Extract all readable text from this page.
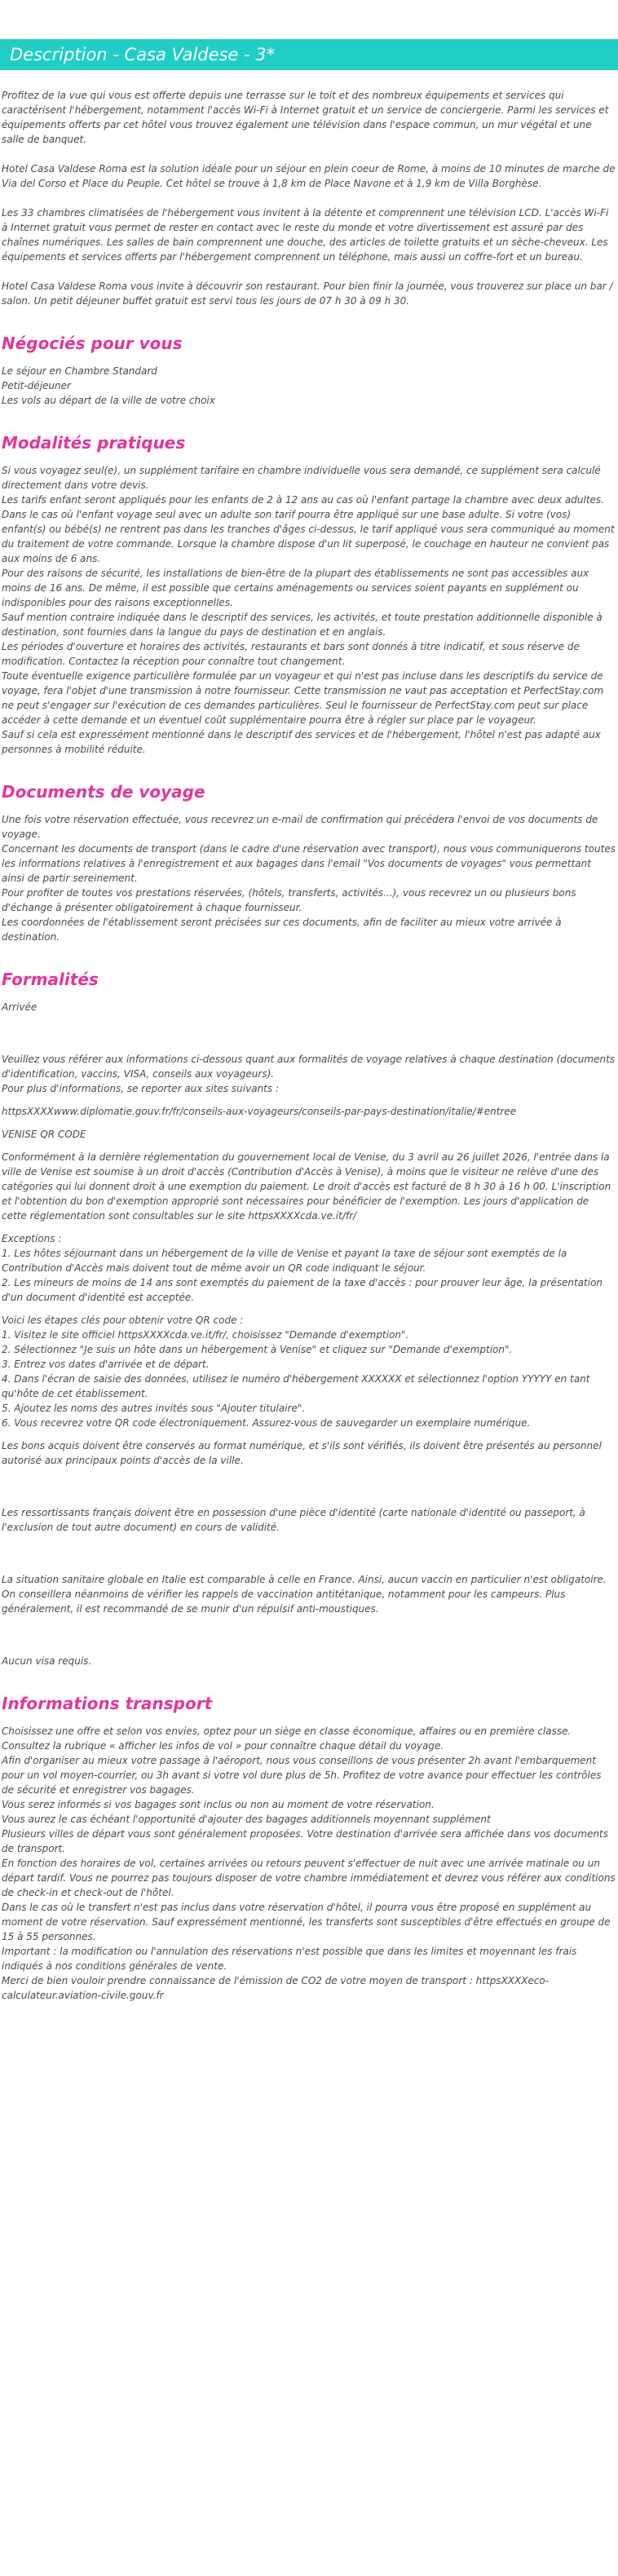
Description - Casa Valdese - 3*

Profitez de la vue qui vous est offerte depuis une terrasse sur le toit et des nombreux équipements et services qui caractérisent l'hébergement, notamment l'accès Wi-Fi à Internet gratuit et un service de conciergerie. Parmi les services et équipements offerts par cet hôtel vous trouvez également une télévision dans l'espace commun, un mur végétal et une salle de banquet.

Hotel Casa Valdese Roma est la solution idéale pour un séjour en plein coeur de Rome, à moins de 10 minutes de marche de Via del Corso et Place du Peuple. Cet hôtel se trouve à 1,8 km de Place Navone et à 1,9 km de Villa Borghèse.

Les 33 chambres climatisées de l'hébergement vous invitent à la détente et comprennent une télévision LCD. L'accès Wi-Fi à Internet gratuit vous permet de rester en contact avec le reste du monde et votre divertissement est assuré par des chaînes numériques. Les salles de bain comprennent une douche, des articles de toilette gratuits et un sèche-cheveux. Les équipements et services offerts par l'hébergement comprennent un téléphone, mais aussi un coffre-fort et un bureau.

Hotel Casa Valdese Roma vous invite à découvrir son restaurant. Pour bien finir la journée, vous trouverez sur place un bar / salon. Un petit déjeuner buffet gratuit est servi tous les jours de 07 h 30 à 09 h 30.

Négociés pour vous

Le séjour en Chambre Standard
Petit-déjeuner
Les vols au départ de la ville de votre choix

Modalités pratiques

Si vous voyagez seul(e), un supplément tarifaire en chambre individuelle vous sera demandé, ce supplément sera calculé directement dans votre devis.
Les tarifs enfant seront appliqués pour les enfants de 2 à 12 ans au cas où l'enfant partage la chambre avec deux adultes. Dans le cas où l'enfant voyage seul avec un adulte son tarif pourra être appliqué sur une base adulte. Si votre (vos) enfant(s) ou bébé(s) ne rentrent pas dans les tranches d'âges ci-dessus, le tarif appliqué vous sera communiqué au moment du traitement de votre commande. Lorsque la chambre dispose d'un lit superposé, le couchage en hauteur ne convient pas aux moins de 6 ans.
Pour des raisons de sécurité, les installations de bien-être de la plupart des établissements ne sont pas accessibles aux moins de 16 ans. De même, il est possible que certains aménagements ou services soient payants en supplément ou indisponibles pour des raisons exceptionnelles.
Sauf mention contraire indiquée dans le descriptif des services, les activités, et toute prestation additionnelle disponible à destination, sont fournies dans la langue du pays de destination et en anglais.
Les périodes d'ouverture et horaires des activités, restaurants et bars sont donnés à titre indicatif, et sous réserve de modification. Contactez la réception pour connaître tout changement.
Toute éventuelle exigence particulière formulée par un voyageur et qui n'est pas incluse dans les descriptifs du service de voyage, fera l'objet d'une transmission à notre fournisseur. Cette transmission ne vaut pas acceptation et PerfectStay.com ne peut s'engager sur l'exécution de ces demandes particulières. Seul le fournisseur de PerfectStay.com peut sur place accéder à cette demande et un éventuel coût supplémentaire pourra être à régler sur place par le voyageur.
Sauf si cela est expressément mentionné dans le descriptif des services et de l'hébergement, l'hôtel n'est pas adapté aux personnes à mobilité réduite.

Documents de voyage

Une fois votre réservation effectuée, vous recevrez un e-mail de confirmation qui précédera l'envoi de vos documents de voyage.
Concernant les documents de transport (dans le cadre d'une réservation avec transport), nous vous communiquerons toutes les informations relatives à l'enregistrement et aux bagages dans l'email "Vos documents de voyages" vous permettant ainsi de partir sereinement.
Pour profiter de toutes vos prestations réservées, (hôtels, transferts, activités...), vous recevrez un ou plusieurs bons d'échange à présenter obligatoirement à chaque fournisseur.
Les coordonnées de l'établissement seront précisées sur ces documents, afin de faciliter au mieux votre arrivée à destination.

Formalités

Arrivée

Veuillez vous référer aux informations ci-dessous quant aux formalités de voyage relatives à chaque destination (documents d'identification, vaccins, VISA, conseils aux voyageurs).
Pour plus d'informations, se reporter aux sites suivants :

httpsXXXXwww.diplomatie.gouv.fr/fr/conseils-aux-voyageurs/conseils-par-pays-destination/italie/#entree

VENISE QR CODE

Conformément à la dernière réglementation du gouvernement local de Venise, du 3 avril au 26 juillet 2026, l'entrée dans la ville de Venise est soumise à un droit d'accès (Contribution d'Accès à Venise), à moins que le visiteur ne relève d'une des catégories qui lui donnent droit à une exemption du paiement. Le droit d'accès est facturé de 8 h 30 à 16 h 00. L'inscription et l'obtention du bon d'exemption approprié sont nécessaires pour bénéficier de l'exemption. Les jours d'application de cette réglementation sont consultables sur le site httpsXXXXcda.ve.it/fr/

Exceptions :
1. Les hôtes séjournant dans un hébergement de la ville de Venise et payant la taxe de séjour sont exemptés de la Contribution d'Accès mais doivent tout de même avoir un QR code indiquant le séjour.
2. Les mineurs de moins de 14 ans sont exemptés du paiement de la taxe d'accès : pour prouver leur âge, la présentation d'un document d'identité est acceptée.

Voici les étapes clés pour obtenir votre QR code :
1. Visitez le site officiel httpsXXXXcda.ve.it/fr/, choisissez "Demande d'exemption".
2. Sélectionnez "Je suis un hôte dans un hébergement à Venise" et cliquez sur "Demande d'exemption".
3. Entrez vos dates d'arrivée et de départ.
4. Dans l'écran de saisie des données, utilisez le numéro d'hébergement XXXXXX et sélectionnez l'option YYYYY en tant qu'hôte de cet établissement.
5. Ajoutez les noms des autres invités sous "Ajouter titulaire".
6. Vous recevrez votre QR code électroniquement. Assurez-vous de sauvegarder un exemplaire numérique.

Les bons acquis doivent être conservés au format numérique, et s'ils sont vérifiés, ils doivent être présentés au personnel autorisé aux principaux points d'accès de la ville.

Les ressortissants français doivent être en possession d'une pièce d'identité (carte nationale d'identité ou passeport, à l'exclusion de tout autre document) en cours de validité.

La situation sanitaire globale en Italie est comparable à celle en France. Ainsi, aucun vaccin en particulier n'est obligatoire. On conseillera néanmoins de vérifier les rappels de vaccination antitétanique, notamment pour les campeurs. Plus généralement, il est recommandé de se munir d'un répulsif anti-moustiques.

Aucun visa requis.

Informations transport

Choisissez une offre et selon vos envies, optez pour un siège en classe économique, affaires ou en première classe.
Consultez la rubrique « afficher les infos de vol » pour connaître chaque détail du voyage.
Afin d'organiser au mieux votre passage à l'aéroport, nous vous conseillons de vous présenter 2h avant l'embarquement pour un vol moyen-courrier, ou 3h avant si votre vol dure plus de 5h. Profitez de votre avance pour effectuer les contrôles de sécurité et enregistrer vos bagages.
Vous serez informés si vos bagages sont inclus ou non au moment de votre réservation.
Vous aurez le cas échéant l'opportunité d'ajouter des bagages additionnels moyennant supplément
Plusieurs villes de départ vous sont généralement proposées. Votre destination d'arrivée sera affichée dans vos documents de transport.
En fonction des horaires de vol, certaines arrivées ou retours peuvent s'effectuer de nuit avec une arrivée matinale ou un départ tardif. Vous ne pourrez pas toujours disposer de votre chambre immédiatement et devrez vous référer aux conditions de check-in et check-out de l'hôtel.
Dans le cas où le transfert n'est pas inclus dans votre réservation d'hôtel, il pourra vous être proposé en supplément au moment de votre réservation. Sauf expressément mentionné, les transferts sont susceptibles d'être effectués en groupe de 15 à 55 personnes.
Important : la modification ou l'annulation des réservations n'est possible que dans les limites et moyennant les frais indiqués à nos conditions générales de vente.
Merci de bien vouloir prendre connaissance de l'émission de CO2 de votre moyen de transport : httpsXXXXeco-calculateur.aviation-civile.gouv.fr
